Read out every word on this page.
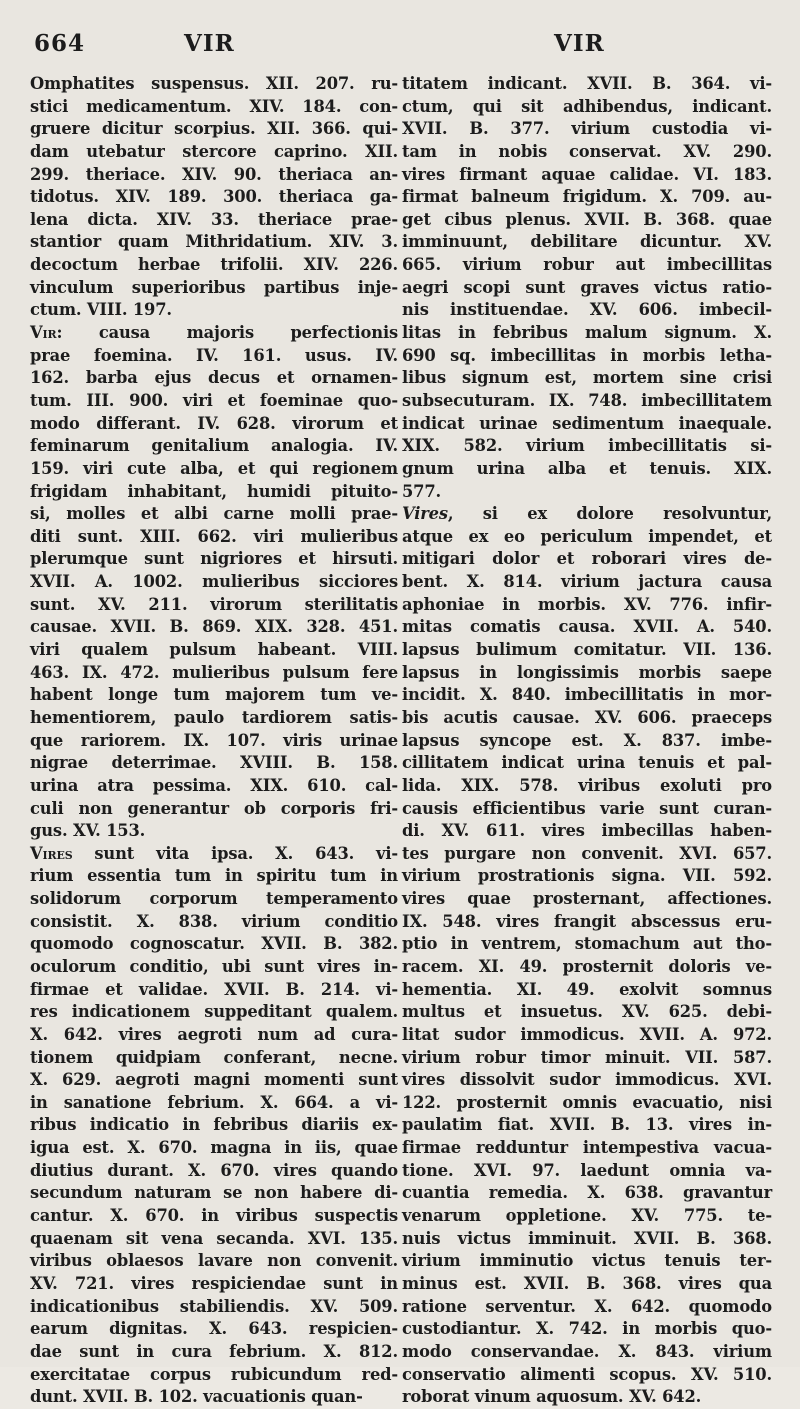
664	VIR	VIR
Omphatites suspensus. XII. 207. ru-
stici medicamentum. XIV. 184. con-
gruere dicitur scorpius. XII. 366. qui-
dam utebatur stercore caprino. XII.
299. theriace. XIV. 90. theriaca an-
tidotus. XIV. 189. 300. theriaca ga-
lena dicta. XIV. 33. theriace prae-
stantior quam Mithridatium. XIV. 3.
decoctum herbae trifolii. XIV. 226.
vinculum superioribus partibus inje-
ctum. VIII. 197.
Vir: causa majoris perfectionis
prae foemina. IV. 161. usus. IV.
162. barba ejus decus et ornamen-
tum. III. 900. viri et foeminae quo-
modo differant. IV. 628. virorum et
feminarum genitalium analogia. IV.
159. viri cute alba, et qui regionem
frigidam inhabitant, humidi pituito-
si, molles et albi carne molli prae-
diti sunt. XIII. 662. viri mulieribus
plerumque sunt nigriores et hirsuti.
XVII. A. 1002. mulieribus sicciores
sunt. XV. 211. virorum sterilitatis
causae. XVII. B. 869. XIX. 328. 451.
viri qualem pulsum habeant. VIII.
463. IX. 472. mulieribus pulsum fere
habent longe tum majorem tum ve-
hementiorem, paulo tardiorem satis-
que rariorem. IX. 107. viris urinae
nigrae deterrimae. XVIII. B. 158.
urina atra pessima. XIX. 610. cal-
culi non generantur ob corporis fri-
gus. XV. 153.
Vires sunt vita ipsa. X. 643. vi-
rium essentia tum in spiritu tum in
solidorum corporum temperamento
consistit. X. 838. virium conditio
quomodo cognoscatur. XVII. B. 382.
oculorum conditio, ubi sunt vires in-
firmae et validae. XVII. B. 214. vi-
res indicationem suppeditant qualem.
X. 642. vires aegroti num ad cura-
tionem quidpiam conferant, necne.
X. 629. aegroti magni momenti sunt
in sanatione febrium. X. 664. a vi-
ribus indicatio in febribus diariis ex-
igua est. X. 670. magna in iis, quae
diutius durant. X. 670. vires quando
secundum naturam se non habere di-
cantur. X. 670. in viribus suspectis
quaenam sit vena secanda. XVI. 135.
viribus oblaesos lavare non convenit.
XV. 721. vires respiciendae sunt in
indicationibus stabiliendis. XV. 509.
earum dignitas. X. 643. respicien-
dae sunt in cura febrium. X. 812.
exercitatae corpus rubicundum red-
dunt. XVII. B. 102. vacuationis quan-
titatem indicant. XVII. B. 364. vi-
ctum, qui sit adhibendus, indicant.
XVII. B. 377. virium custodia vi-
tam in nobis conservat. XV. 290.
vires firmant aquae calidae. VI. 183.
firmat balneum frigidum. X. 709. au-
get cibus plenus. XVII. B. 368. quae
imminuunt, debilitare dicuntur. XV.
665. virium robur aut imbecillitas
aegri scopi sunt graves victus ratio-
nis instituendae. XV. 606. imbecil-
litas in febribus malum signum. X.
690 sq. imbecillitas in morbis letha-
libus signum est, mortem sine crisi
subsecuturam. IX. 748. imbecillitatem
indicat urinae sedimentum inaequale.
XIX. 582. virium imbecillitatis si-
gnum urina alba et tenuis. XIX.
577.
Vires, si ex dolore resolvuntur,
atque ex eo periculum impendet, et
mitigari dolor et roborari vires de-
bent. X. 814. virium jactura causa
aphoniae in morbis. XV. 776. infir-
mitas comatis causa. XVII. A. 540.
lapsus bulimum comitatur. VII. 136.
lapsus in longissimis morbis saepe
incidit. X. 840. imbecillitatis in mor-
bis acutis causae. XV. 606. praeceps
lapsus syncope est. X. 837. imbe-
cillitatem indicat urina tenuis et pal-
lida. XIX. 578. viribus exoluti pro
causis efficientibus varie sunt curan-
di. XV. 611. vires imbecillas haben-
tes purgare non convenit. XVI. 657.
virium prostrationis signa. VII. 592.
vires quae prosternant, affectiones.
IX. 548. vires frangit abscessus eru-
ptio in ventrem, stomachum aut tho-
racem. XI. 49. prosternit doloris ve-
hementia. XI. 49. exolvit somnus
multus et insuetus. XV. 625. debi-
litat sudor immodicus. XVII. A. 972.
virium robur timor minuit. VII. 587.
vires dissolvit sudor immodicus. XVI.
122. prosternit omnis evacuatio, nisi
paulatim fiat. XVII. B. 13. vires in-
firmae redduntur intempestiva vacua-
tione. XVI. 97. laedunt omnia va-
cuantia remedia. X. 638. gravantur
venarum oppletione. XV. 775. te-
nuis victus imminuit. XVII. B. 368.
virium imminutio victus tenuis ter-
minus est. XVII. B. 368. vires qua
ratione serventur. X. 642. quomodo
custodiantur. X. 742. in morbis quo-
modo conservandae. X. 843. virium
conservatio alimenti scopus. XV. 510.
roborat vinum aquosum. XV. 642.
